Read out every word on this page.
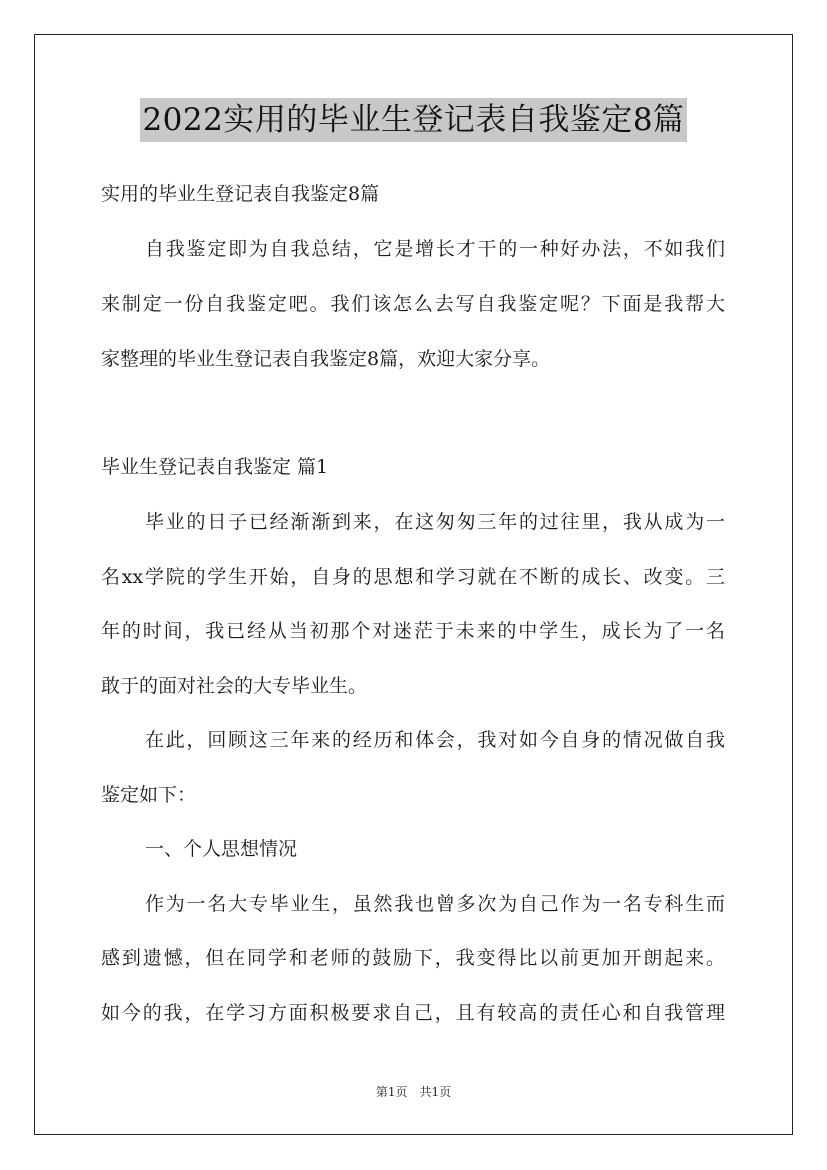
2022实用的毕业生登记表自我鉴定8篇
实用的毕业生登记表自我鉴定8篇
自我鉴定即为自我总结，它是增长才干的一种好办法，不如我们
来制定一份自我鉴定吧。我们该怎么去写自我鉴定呢？下面是我帮大
家整理的毕业生登记表自我鉴定8篇，欢迎大家分享。
毕业生登记表自我鉴定 篇1
毕业的日子已经渐渐到来，在这匆匆三年的过往里，我从成为一
名xx学院的学生开始，自身的思想和学习就在不断的成长、改变。三
年的时间，我已经从当初那个对迷茫于未来的中学生，成长为了一名
敢于的面对社会的大专毕业生。
在此，回顾这三年来的经历和体会，我对如今自身的情况做自我
鉴定如下：
一、个人思想情况
作为一名大专毕业生，虽然我也曾多次为自己作为一名专科生而
感到遗憾，但在同学和老师的鼓励下，我变得比以前更加开朗起来。
如今的我，在学习方面积极要求自己，且有较高的责任心和自我管理
第1页　共1页
